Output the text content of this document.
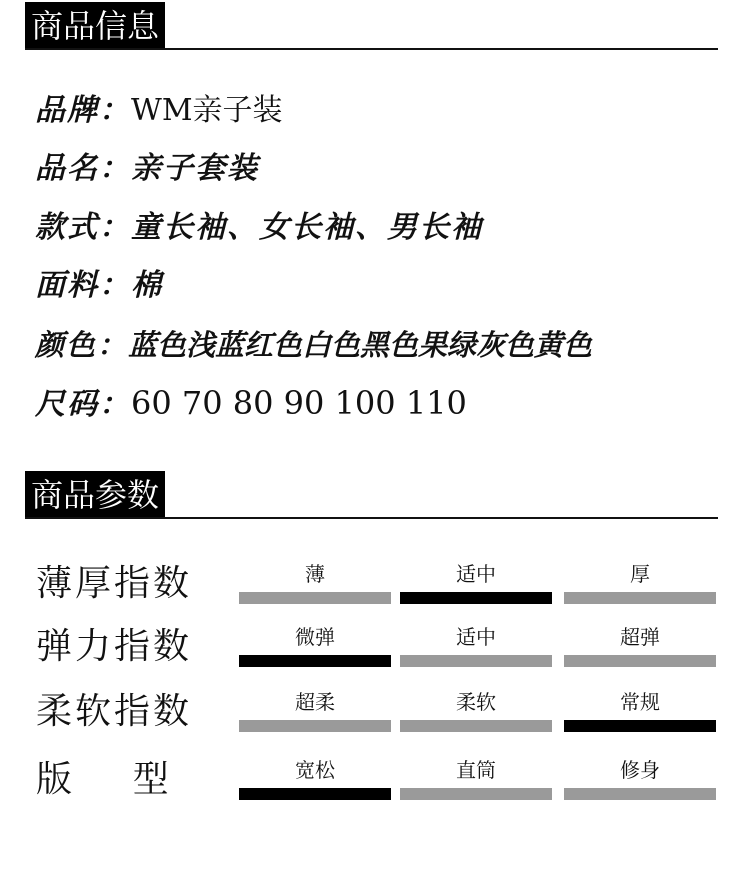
商品信息
品牌：WM亲子装
品名：亲子套装
款式：童长袖、女长袖、男长袖
面料：棉
颜色：蓝色浅蓝红色白色黑色果绿灰色黄色
尺码：60 70 80 90 100 110
商品参数
薄厚指数	薄	适中	厚
弹力指数	微弹	适中	超弹
柔软指数	超柔	柔软	常规
版    型	宽松	直筒	修身
